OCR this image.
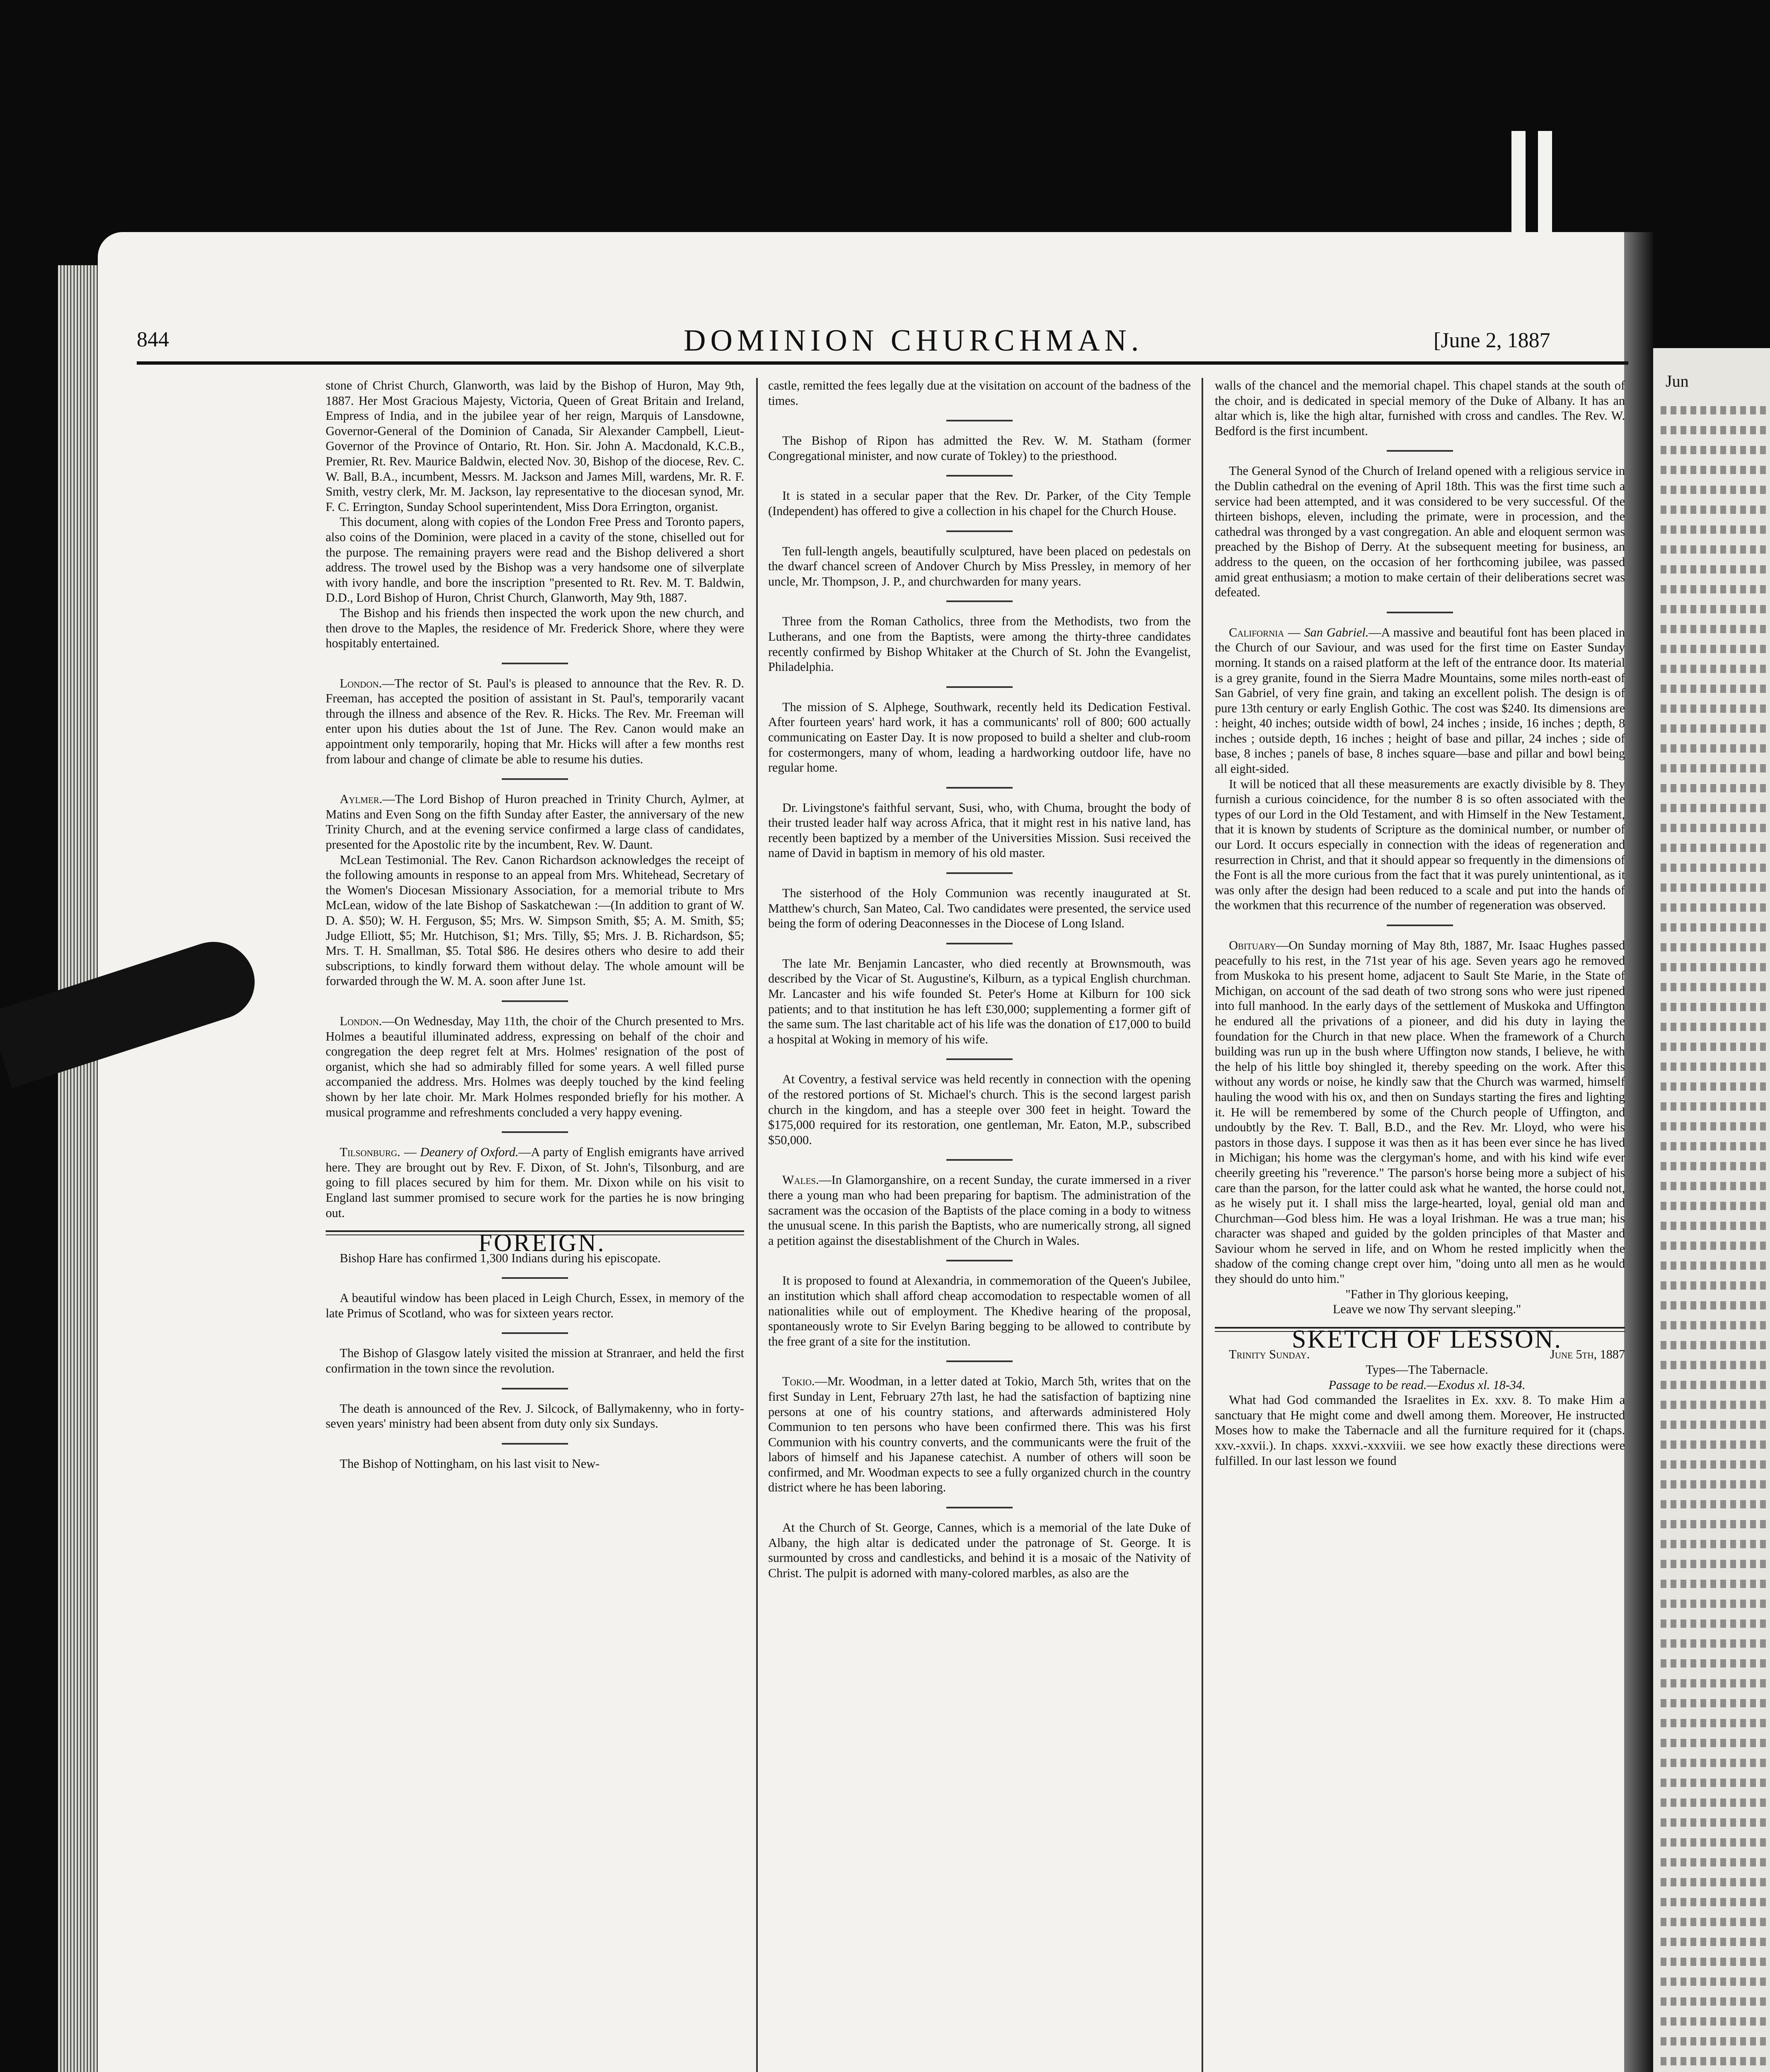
Jun
844	DOMINION CHURCHMAN.	[June 2, 1887

stone of Christ Church, Glanworth, was laid by the Bishop of Huron, May 9th, 1887. Her Most Gracious Majesty, Victoria, Queen of Great Britain and Ireland, Empress of India, and in the jubilee year of her reign, Marquis of Lansdowne, Governor-General of the Dominion of Canada, Sir Alexander Campbell, Lieut-Governor of the Province of Ontario, Rt. Hon. Sir. John A. Macdonald, K.C.B., Premier, Rt. Rev. Maurice Baldwin, elected Nov. 30, Bishop of the diocese, Rev. C. W. Ball, B.A., incumbent, Messrs. M. Jackson and James Mill, wardens, Mr. R. F. Smith, vestry clerk, Mr. M. Jackson, lay representative to the diocesan synod, Mr. F. C. Errington, Sunday School superintendent, Miss Dora Errington, organist.

This document, along with copies of the London Free Press and Toronto papers, also coins of the Dominion, were placed in a cavity of the stone, chiselled out for the purpose. The remaining prayers were read and the Bishop delivered a short address. The trowel used by the Bishop was a very handsome one of silverplate with ivory handle, and bore the inscription "presented to Rt. Rev. M. T. Baldwin, D.D., Lord Bishop of Huron, Christ Church, Glanworth, May 9th, 1887.

The Bishop and his friends then inspected the work upon the new church, and then drove to the Maples, the residence of Mr. Frederick Shore, where they were hospitably entertained.

London.—The rector of St. Paul's is pleased to announce that the Rev. R. D. Freeman, has accepted the position of assistant in St. Paul's, temporarily vacant through the illness and absence of the Rev. R. Hicks. The Rev. Mr. Freeman will enter upon his duties about the 1st of June. The Rev. Canon would make an appointment only temporarily, hoping that Mr. Hicks will after a few months rest from labour and change of climate be able to resume his duties.

Aylmer.—The Lord Bishop of Huron preached in Trinity Church, Aylmer, at Matins and Even Song on the fifth Sunday after Easter, the anniversary of the new Trinity Church, and at the evening service confirmed a large class of candidates, presented for the Apostolic rite by the incumbent, Rev. W. Daunt.

McLean Testimonial. The Rev. Canon Richardson acknowledges the receipt of the following amounts in response to an appeal from Mrs. Whitehead, Secretary of the Women's Diocesan Missionary Association, for a memorial tribute to Mrs McLean, widow of the late Bishop of Saskatchewan :—(In addition to grant of W. D. A. $50); W. H. Ferguson, $5; Mrs. W. Simpson Smith, $5; A. M. Smith, $5; Judge Elliott, $5; Mr. Hutchison, $1; Mrs. Tilly, $5; Mrs. J. B. Richardson, $5; Mrs. T. H. Smallman, $5. Total $86. He desires others who desire to add their subscriptions, to kindly forward them without delay. The whole amount will be forwarded through the W. M. A. soon after June 1st.

London.—On Wednesday, May 11th, the choir of the Church presented to Mrs. Holmes a beautiful illuminated address, expressing on behalf of the choir and congregation the deep regret felt at Mrs. Holmes' resignation of the post of organist, which she had so admirably filled for some years. A well filled purse accompanied the address. Mrs. Holmes was deeply touched by the kind feeling shown by her late choir. Mr. Mark Holmes responded briefly for his mother. A musical programme and refreshments concluded a very happy evening.

Tilsonburg. — Deanery of Oxford.—A party of English emigrants have arrived here. They are brought out by Rev. F. Dixon, of St. John's, Tilsonburg, and are going to fill places secured by him for them. Mr. Dixon while on his visit to England last summer promised to secure work for the parties he is now bringing out.

FOREIGN.

Bishop Hare has confirmed 1,300 Indians during his episcopate.

A beautiful window has been placed in Leigh Church, Essex, in memory of the late Primus of Scotland, who was for sixteen years rector.

The Bishop of Glasgow lately visited the mission at Stranraer, and held the first confirmation in the town since the revolution.

The death is announced of the Rev. J. Silcock, of Ballymakenny, who in forty-seven years' ministry had been absent from duty only six Sundays.

The Bishop of Nottingham, on his last visit to New-

castle, remitted the fees legally due at the visitation on account of the badness of the times.

The Bishop of Ripon has admitted the Rev. W. M. Statham (former Congregational minister, and now curate of Tokley) to the priesthood.

It is stated in a secular paper that the Rev. Dr. Parker, of the City Temple (Independent) has offered to give a collection in his chapel for the Church House.

Ten full-length angels, beautifully sculptured, have been placed on pedestals on the dwarf chancel screen of Andover Church by Miss Pressley, in memory of her uncle, Mr. Thompson, J. P., and churchwarden for many years.

Three from the Roman Catholics, three from the Methodists, two from the Lutherans, and one from the Baptists, were among the thirty-three candidates recently confirmed by Bishop Whitaker at the Church of St. John the Evangelist, Philadelphia.

The mission of S. Alphege, Southwark, recently held its Dedication Festival. After fourteen years' hard work, it has a communicants' roll of 800; 600 actually communicating on Easter Day. It is now proposed to build a shelter and club-room for costermongers, many of whom, leading a hardworking outdoor life, have no regular home.

Dr. Livingstone's faithful servant, Susi, who, with Chuma, brought the body of their trusted leader half way across Africa, that it might rest in his native land, has recently been baptized by a member of the Universities Mission. Susi received the name of David in baptism in memory of his old master.

The sisterhood of the Holy Communion was recently inaugurated at St. Matthew's church, San Mateo, Cal. Two candidates were presented, the service used being the form of odering Deaconnesses in the Diocese of Long Island.

The late Mr. Benjamin Lancaster, who died recently at Brownsmouth, was described by the Vicar of St. Augustine's, Kilburn, as a typical English churchman. Mr. Lancaster and his wife founded St. Peter's Home at Kilburn for 100 sick patients; and to that institution he has left £30,000; supplementing a former gift of the same sum. The last charitable act of his life was the donation of £17,000 to build a hospital at Woking in memory of his wife.

At Coventry, a festival service was held recently in connection with the opening of the restored portions of St. Michael's church. This is the second largest parish church in the kingdom, and has a steeple over 300 feet in height. Toward the $175,000 required for its restoration, one gentleman, Mr. Eaton, M.P., subscribed $50,000.

Wales.—In Glamorganshire, on a recent Sunday, the curate immersed in a river there a young man who had been preparing for baptism. The administration of the sacrament was the occasion of the Baptists of the place coming in a body to witness the unusual scene. In this parish the Baptists, who are numerically strong, all signed a petition against the disestablishment of the Church in Wales.

It is proposed to found at Alexandria, in commemoration of the Queen's Jubilee, an institution which shall afford cheap accomodation to respectable women of all nationalities while out of employment. The Khedive hearing of the proposal, spontaneously wrote to Sir Evelyn Baring begging to be allowed to contribute by the free grant of a site for the institution.

Tokio.—Mr. Woodman, in a letter dated at Tokio, March 5th, writes that on the first Sunday in Lent, February 27th last, he had the satisfaction of baptizing nine persons at one of his country stations, and afterwards administered Holy Communion to ten persons who have been confirmed there. This was his first Communion with his country converts, and the communicants were the fruit of the labors of himself and his Japanese catechist. A number of others will soon be confirmed, and Mr. Woodman expects to see a fully organized church in the country district where he has been laboring.

At the Church of St. George, Cannes, which is a memorial of the late Duke of Albany, the high altar is dedicated under the patronage of St. George. It is surmounted by cross and candlesticks, and behind it is a mosaic of the Nativity of Christ. The pulpit is adorned with many-colored marbles, as also are the

walls of the chancel and the memorial chapel. This chapel stands at the south of the choir, and is dedicated in special memory of the Duke of Albany. It has an altar which is, like the high altar, furnished with cross and candles. The Rev. W. Bedford is the first incumbent.

The General Synod of the Church of Ireland opened with a religious service in the Dublin cathedral on the evening of April 18th. This was the first time such a service had been attempted, and it was considered to be very successful. Of the thirteen bishops, eleven, including the primate, were in procession, and the cathedral was thronged by a vast congregation. An able and eloquent sermon was preached by the Bishop of Derry. At the subsequent meeting for business, an address to the queen, on the occasion of her forthcoming jubilee, was passed amid great enthusiasm; a motion to make certain of their deliberations secret was defeated.

California — San Gabriel.—A massive and beautiful font has been placed in the Church of our Saviour, and was used for the first time on Easter Sunday morning. It stands on a raised platform at the left of the entrance door. Its material is a grey granite, found in the Sierra Madre Mountains, some miles north-east of San Gabriel, of very fine grain, and taking an excellent polish. The design is of pure 13th century or early English Gothic. The cost was $240. Its dimensions are : height, 40 inches; outside width of bowl, 24 inches ; inside, 16 inches ; depth, 8 inches ; outside depth, 16 inches ; height of base and pillar, 24 inches ; side of base, 8 inches ; panels of base, 8 inches square—base and pillar and bowl being all eight-sided.

It will be noticed that all these measurements are exactly divisible by 8. They furnish a curious coincidence, for the number 8 is so often associated with the types of our Lord in the Old Testament, and with Himself in the New Testament, that it is known by students of Scripture as the dominical number, or number of our Lord. It occurs especially in connection with the ideas of regeneration and resurrection in Christ, and that it should appear so frequently in the dimensions of the Font is all the more curious from the fact that it was purely unintentional, as it was only after the design had been reduced to a scale and put into the hands of the workmen that this recurrence of the number of regeneration was observed.

Obituary—On Sunday morning of May 8th, 1887, Mr. Isaac Hughes passed peacefully to his rest, in the 71st year of his age. Seven years ago he removed from Muskoka to his present home, adjacent to Sault Ste Marie, in the State of Michigan, on account of the sad death of two strong sons who were just ripened into full manhood. In the early days of the settlement of Muskoka and Uffington he endured all the privations of a pioneer, and did his duty in laying the foundation for the Church in that new place. When the framework of a Church building was run up in the bush where Uffington now stands, I believe, he with the help of his little boy shingled it, thereby speeding on the work. After this without any words or noise, he kindly saw that the Church was warmed, himself hauling the wood with his ox, and then on Sundays starting the fires and lighting it. He will be remembered by some of the Church people of Uffington, and undoubtly by the Rev. T. Ball, B.D., and the Rev. Mr. Lloyd, who were his pastors in those days. I suppose it was then as it has been ever since he has lived in Michigan; his home was the clergyman's home, and with his kind wife ever cheerily greeting his "reverence." The parson's horse being more a subject of his care than the parson, for the latter could ask what he wanted, the horse could not, as he wisely put it. I shall miss the large-hearted, loyal, genial old man and Churchman—God bless him. He was a loyal Irishman. He was a true man; his character was shaped and guided by the golden principles of that Master and Saviour whom he served in life, and on Whom he rested implicitly when the shadow of the coming change crept over him, "doing unto all men as he would they should do unto him."

"Father in Thy glorious keeping,

Leave we now Thy servant sleeping."

SKETCH OF LESSON.

Trinity Sunday.	June 5th, 1887

Types—The Tabernacle.

Passage to be read.—Exodus xl. 18-34.

What had God commanded the Israelites in Ex. xxv. 8. To make Him a sanctuary that He might come and dwell among them. Moreover, He instructed Moses how to make the Tabernacle and all the furniture required for it (chaps. xxv.-xxvii.). In chaps. xxxvi.-xxxviii. we see how exactly these directions were fulfilled. In our last lesson we found
